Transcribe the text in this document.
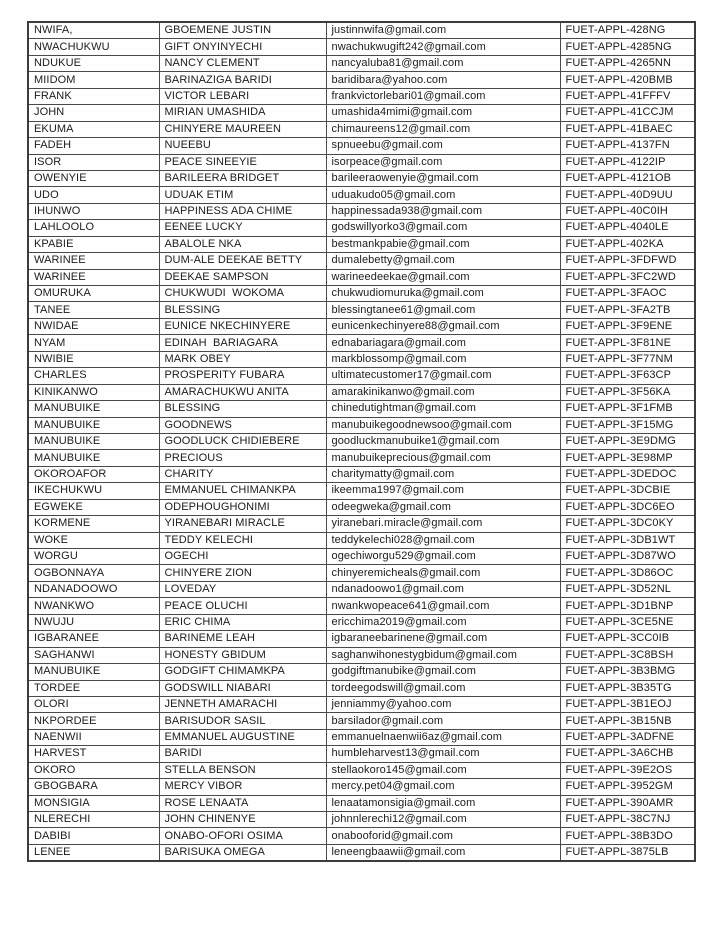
NWIFA,	GBOEMENE JUSTIN	justinnwifa@gmail.com	FUET-APPL-428NG
NWACHUKWU	GIFT ONYINYECHI	nwachukwugift242@gmail.com	FUET-APPL-4285NG
NDUKUE	NANCY CLEMENT	nancyaluba81@gmail.com	FUET-APPL-4265NN
MIIDOM	BARINAZIGA BARIDI	baridibara@yahoo.com	FUET-APPL-420BMB
FRANK	VICTOR LEBARI	frankvictorlebari01@gmail.com	FUET-APPL-41FFFV
JOHN	MIRIAN UMASHIDA	umashida4mimi@gmail.com	FUET-APPL-41CCJM
EKUMA	CHINYERE MAUREEN	chimaureens12@gmail.com	FUET-APPL-41BAEC
FADEH	NUEEBU	spnueebu@gmail.com	FUET-APPL-4137FN
ISOR	PEACE SINEEYIE	isorpeace@gmail.com	FUET-APPL-4122IP
OWENYIE	BARILEERA BRIDGET	barileeraowenyie@gmail.com	FUET-APPL-4121OB
UDO	UDUAK ETIM	uduakudo05@gmail.com	FUET-APPL-40D9UU
IHUNWO	HAPPINESS ADA CHIME	happinessada938@gmail.com	FUET-APPL-40C0IH
LAHLOOLO	EENEE LUCKY	godswillyorko3@gmail.com	FUET-APPL-4040LE
KPABIE	ABALOLE NKA	bestmankpabie@gmail.com	FUET-APPL-402KA
WARINEE	DUM-ALE DEEKAE BETTY	dumalebetty@gmail.com	FUET-APPL-3FDFWD
WARINEE	DEEKAE SAMPSON	warineedeekae@gmail.com	FUET-APPL-3FC2WD
OMURUKA	CHUKWUDI  WOKOMA	chukwudiomuruka@gmail.com	FUET-APPL-3FAOC
TANEE	BLESSING	blessingtanee61@gmail.com	FUET-APPL-3FA2TB
NWIDAE	EUNICE NKECHINYERE	eunicenkechinyere88@gmail.com	FUET-APPL-3F9ENE
NYAM	EDINAH  BARIAGARA	ednabariagara@gmail.com	FUET-APPL-3F81NE
NWIBIE	MARK OBEY	markblossomp@gmail.com	FUET-APPL-3F77NM
CHARLES	PROSPERITY FUBARA	ultimatecustomer17@gmail.com	FUET-APPL-3F63CP
KINIKANWO	AMARACHUKWU ANITA	amarakinikanwo@gmail.com	FUET-APPL-3F56KA
MANUBUIKE	BLESSING	chinedutightman@gmail.com	FUET-APPL-3F1FMB
MANUBUIKE	GOODNEWS	manubuikegoodnewsoo@gmail.com	FUET-APPL-3F15MG
MANUBUIKE	GOODLUCK CHIDIEBERE	goodluckmanubuike1@gmail.com	FUET-APPL-3E9DMG
MANUBUIKE	PRECIOUS	manubuikeprecious@gmail.com	FUET-APPL-3E98MP
OKOROAFOR	CHARITY	charitymatty@gmail.com	FUET-APPL-3DEDOC
IKECHUKWU	EMMANUEL CHIMANKPA	ikeemma1997@gmail.com	FUET-APPL-3DCBIE
EGWEKE	ODEPHOUGHONIMI	odeegweka@gmail.com	FUET-APPL-3DC6EO
KORMENE	YIRANEBARI MIRACLE	yiranebari.miracle@gmail.com	FUET-APPL-3DC0KY
WOKE	TEDDY KELECHI	teddykelechi028@gmail.com	FUET-APPL-3DB1WT
WORGU	OGECHI	ogechiworgu529@gmail.com	FUET-APPL-3D87WO
OGBONNAYA	CHINYERE ZION	chinyeremicheals@gmail.com	FUET-APPL-3D86OC
NDANADOOWO	LOVEDAY	ndanadoowo1@gmail.com	FUET-APPL-3D52NL
NWANKWO	PEACE OLUCHI	nwankwopeace641@gmail.com	FUET-APPL-3D1BNP
NWUJU	ERIC CHIMA	ericchima2019@gmail.com	FUET-APPL-3CE5NE
IGBARANEE	BARINEME LEAH	igbaraneebarinene@gmail.com	FUET-APPL-3CC0IB
SAGHANWI	HONESTY GBIDUM	saghanwihonestygbidum@gmail.com	FUET-APPL-3C8BSH
MANUBUIKE	GODGIFT CHIMAMKPA	godgiftmanubike@gmail.com	FUET-APPL-3B3BMG
TORDEE	GODSWILL NIABARI	tordeegodswill@gmail.com	FUET-APPL-3B35TG
OLORI	JENNETH AMARACHI	jenniammy@yahoo.com	FUET-APPL-3B1EOJ
NKPORDEE	BARISUDOR SASIL	barsilador@gmail.com	FUET-APPL-3B15NB
NAENWII	EMMANUEL AUGUSTINE	emmanuelnaenwii6az@gmail.com	FUET-APPL-3ADFNE
HARVEST	BARIDI	humbleharvest13@gmail.com	FUET-APPL-3A6CHB
OKORO	STELLA BENSON	stellaokoro145@gmail.com	FUET-APPL-39E2OS
GBOGBARA	MERCY VIBOR	mercy.pet04@gmail.com	FUET-APPL-3952GM
MONSIGIA	ROSE LENAATA	lenaatamonsigia@gmail.com	FUET-APPL-390AMR
NLERECHI	JOHN CHINENYE	johnnlerechi12@gmail.com	FUET-APPL-38C7NJ
DABIBI	ONABO-OFORI OSIMA	onabooforid@gmail.com	FUET-APPL-38B3DO
LENEE	BARISUKA OMEGA	leneengbaawii@gmail.com	FUET-APPL-3875LB
